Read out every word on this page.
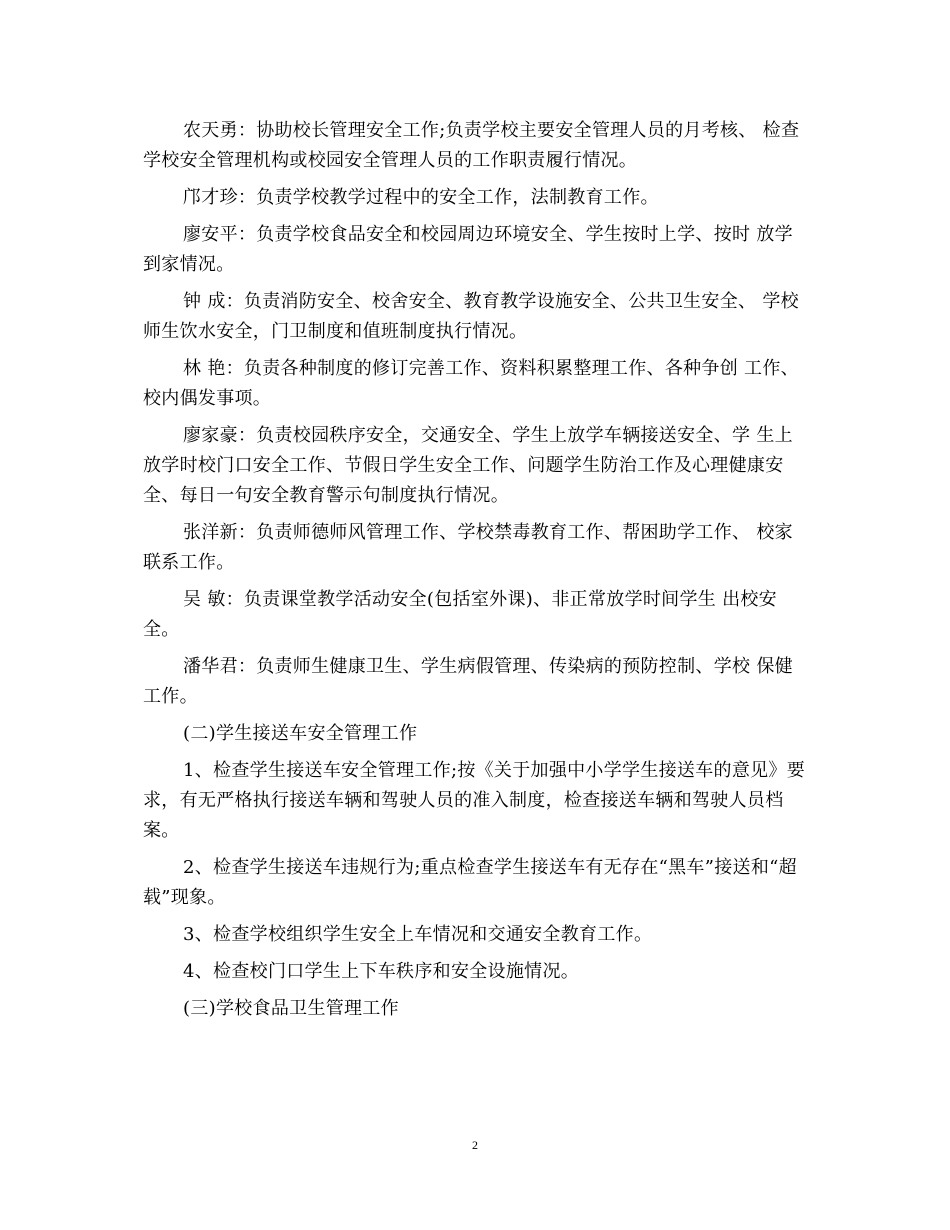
农天勇：协助校长管理安全工作;负责学校主要安全管理人员的月考核、 检查学校安全管理机构或校园安全管理人员的工作职责履行情况。

邝才珍：负责学校教学过程中的安全工作，法制教育工作。

廖安平：负责学校食品安全和校园周边环境安全、学生按时上学、按时 放学到家情况。

钟 成：负责消防安全、校舍安全、教育教学设施安全、公共卫生安全、 学校师生饮水安全，门卫制度和值班制度执行情况。

林 艳：负责各种制度的修订完善工作、资料积累整理工作、各种争创 工作、校内偶发事项。

廖家豪：负责校园秩序安全，交通安全、学生上放学车辆接送安全、学 生上放学时校门口安全工作、节假日学生安全工作、问题学生防治工作及心理健康安全、每日一句安全教育警示句制度执行情况。

张洋新：负责师德师风管理工作、学校禁毒教育工作、帮困助学工作、 校家联系工作。

吴 敏：负责课堂教学活动安全(包括室外课)、非正常放学时间学生 出校安全。

潘华君：负责师生健康卫生、学生病假管理、传染病的预防控制、学校 保健工作。

(二)学生接送车安全管理工作

1、检查学生接送车安全管理工作;按《关于加强中小学学生接送车的意见》要求，有无严格执行接送车辆和驾驶人员的准入制度，检查接送车辆和驾驶人员档案。

2、检查学生接送车违规行为;重点检查学生接送车有无存在“黑车”接送和“超载”现象。

3、检查学校组织学生安全上车情况和交通安全教育工作。

4、检查校门口学生上下车秩序和安全设施情况。

(三)学校食品卫生管理工作

2
